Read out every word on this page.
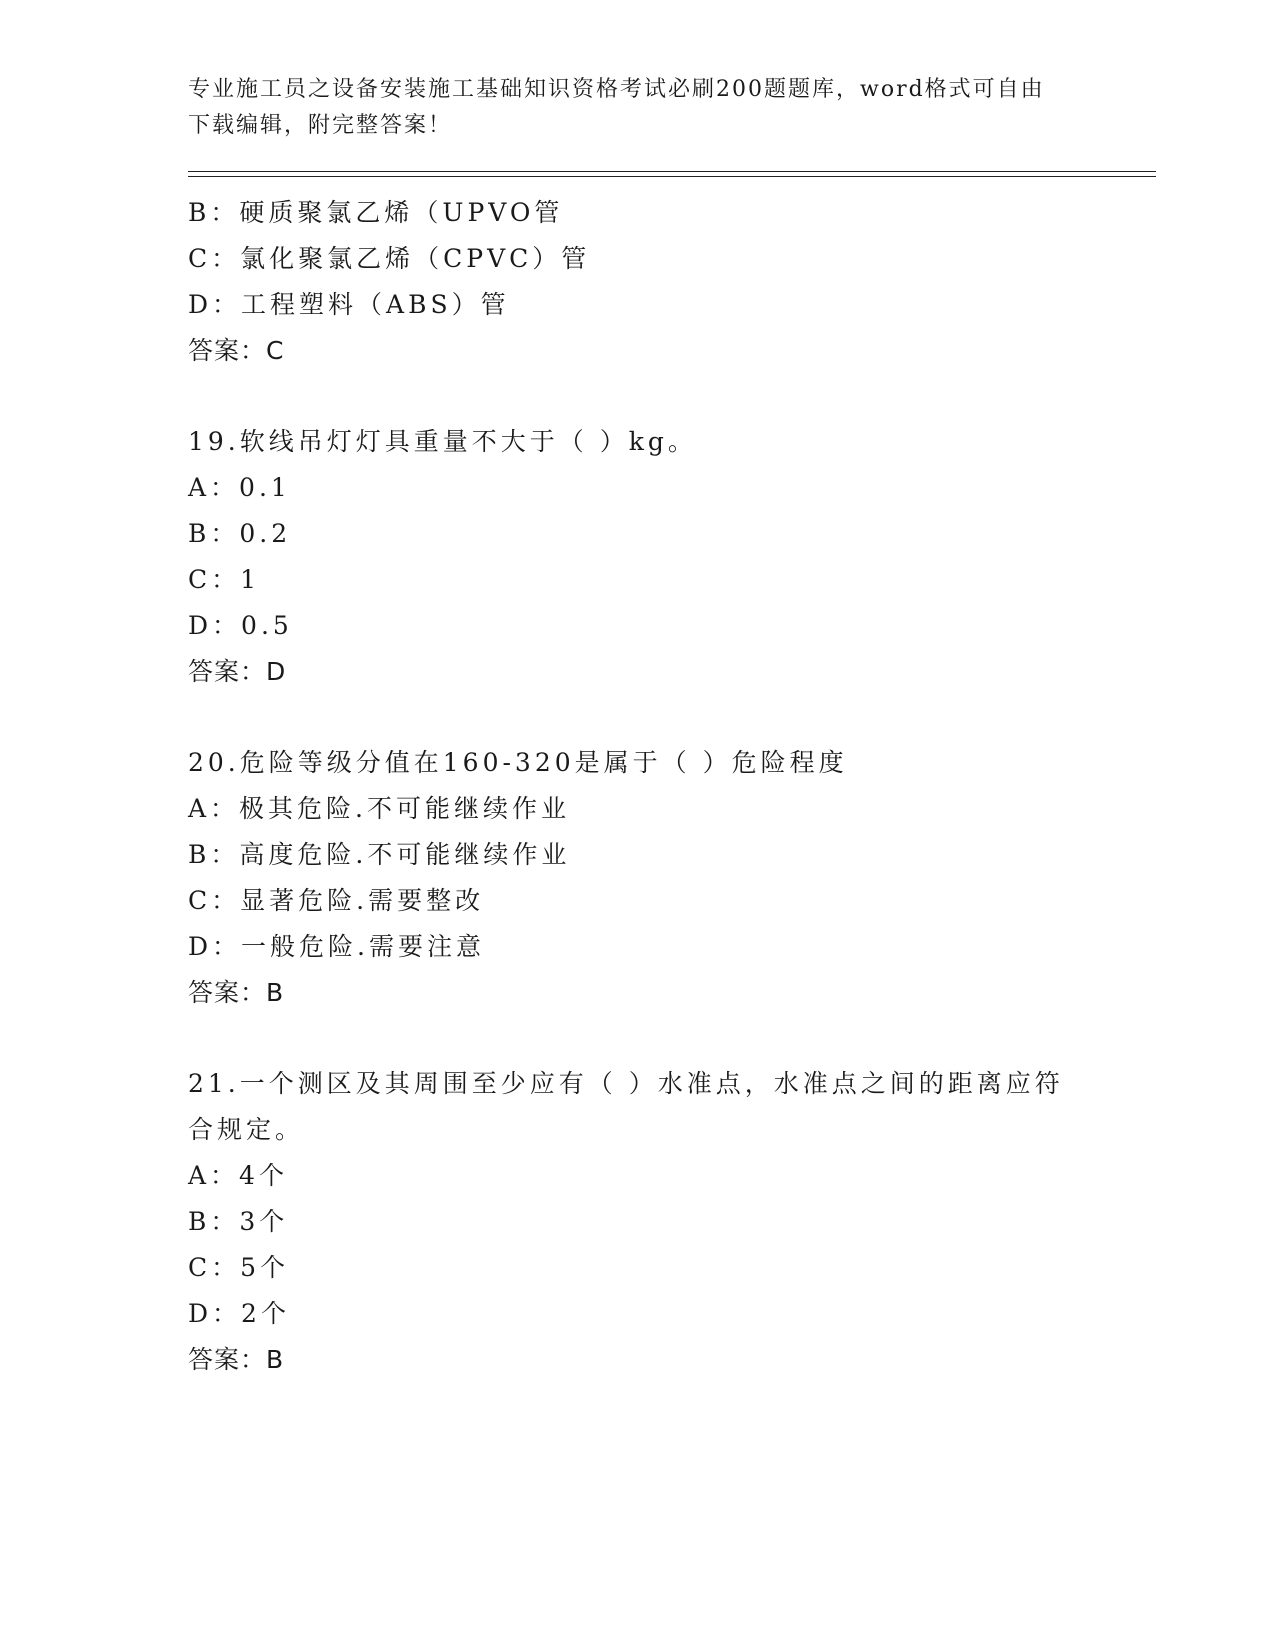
专业施工员之设备安装施工基础知识资格考试必刷200题题库，word格式可自由
下载编辑，附完整答案！
B：硬质聚氯乙烯（UPVO管
C：氯化聚氯乙烯（CPVC）管
D：工程塑料（ABS）管
答案：C
19.软线吊灯灯具重量不大于（ ）kg。
A：0.1
B：0.2
C：1
D：0.5
答案：D
20.危险等级分值在160-320是属于（ ）危险程度
A：极其危险.不可能继续作业
B：高度危险.不可能继续作业
C：显著危险.需要整改
D：一般危险.需要注意
答案：B
21.一个测区及其周围至少应有（ ）水准点，水准点之间的距离应符
合规定。
A：4个
B：3个
C：5个
D：2个
答案：B
